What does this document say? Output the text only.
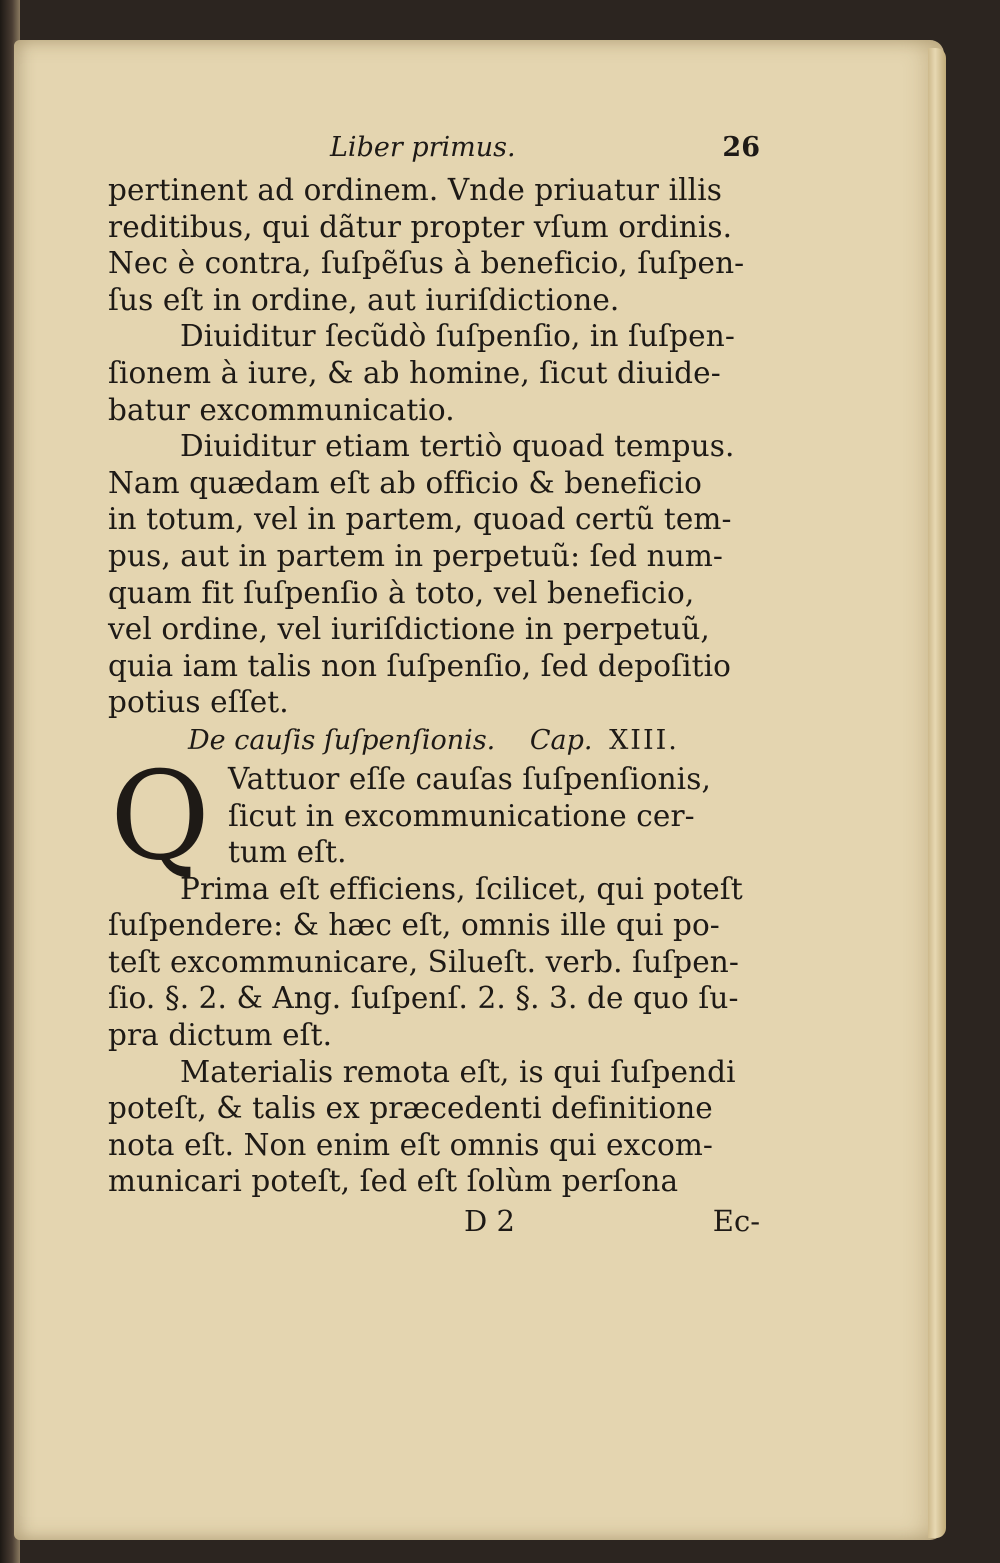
Liber primus.	26
pertinent ad ordinem. Vnde priuatur illis
reditibus, qui dãtur propter vſum ordinis.
Nec è contra, ſuſpẽſus à beneficio, ſuſpen-
ſus eſt in ordine, aut iuriſdictione.
Diuiditur ſecũdò ſuſpenſio, in ſuſpen-
ſionem à iure, & ab homine, ſicut diuide-
batur excommunicatio.
Diuiditur etiam tertiò quoad tempus.
Nam quædam eſt ab officio & beneficio
in totum, vel in partem, quoad certũ tem-
pus, aut in partem in perpetuũ: ſed num-
quam fit ſuſpenſio à toto, vel beneficio,
vel ordine, vel iuriſdictione in perpetuũ,
quia iam talis non ſuſpenſio, ſed depoſitio
potius eſſet.
De cauſis ſuſpenſionis. Cap. XIII.
Q Vattuor eſſe cauſas ſuſpenſionis,
ſicut in excommunicatione cer-
tum eſt.
Prima eſt efficiens, ſcilicet, qui poteſt
ſuſpendere: & hæc eſt, omnis ille qui po-
teſt excommunicare, Silueſt. verb. ſuſpen-
ſio. §. 2. & Ang. ſuſpenſ. 2. §. 3. de quo ſu-
pra dictum eſt.
Materialis remota eſt, is qui ſuſpendi
poteſt, & talis ex præcedenti definitione
nota eſt. Non enim eſt omnis qui excom-
municari poteſt, ſed eſt ſolùm perſona
D 2	Ec-
